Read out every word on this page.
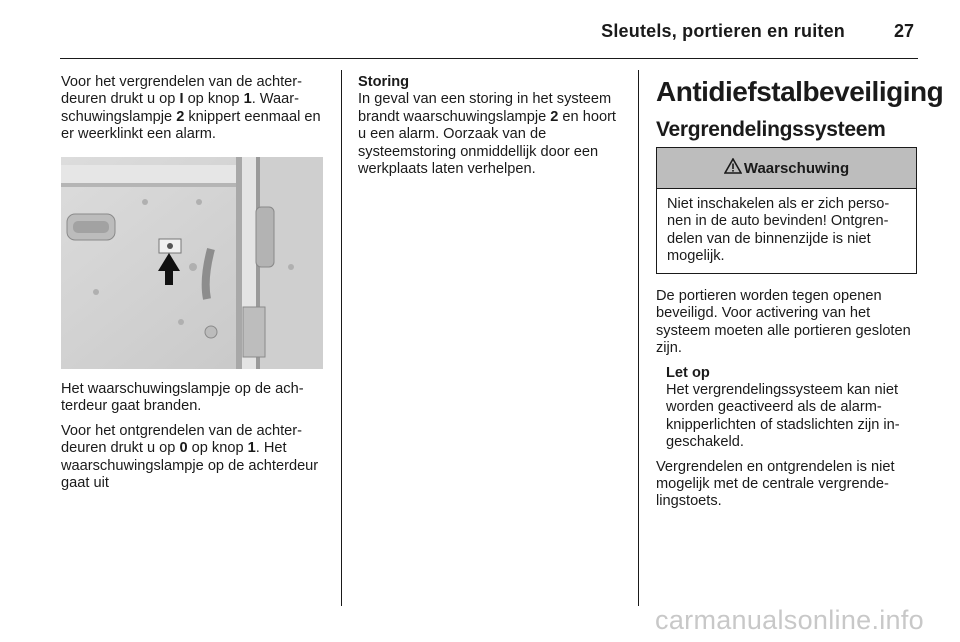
Sleutels, portieren en ruiten	27

Voor het vergrendelen van de achterdeuren drukt u op I op knop 1. Waarschuwingslampje 2 knippert eenmaal en er weerklinkt een alarm.

Het waarschuwingslampje op de achterdeur gaat branden.

Voor het ontgrendelen van de achterdeuren drukt u op 0 op knop 1. Het waarschuwingslampje op de achterdeur gaat uit

Storing

In geval van een storing in het systeem brandt waarschuwingslampje 2 en hoort u een alarm. Oorzaak van de systeemstoring onmiddellijk door een werkplaats laten verhelpen.

Antidiefstalbeveiliging
Vergrendelingssysteem
Waarschuwing
Niet inschakelen als er zich personen in de auto bevinden! Ontgrendelen van de binnenzijde is niet mogelijk.

De portieren worden tegen openen beveiligd. Voor activering van het systeem moeten alle portieren gesloten zijn.

Let op
Het vergrendelingssysteem kan niet worden geactiveerd als de alarmknipperlichten of stadslichten zijn ingeschakeld.

Vergrendelen en ontgrendelen is niet mogelijk met de centrale vergrendelingstoets.

carmanualsonline.info
